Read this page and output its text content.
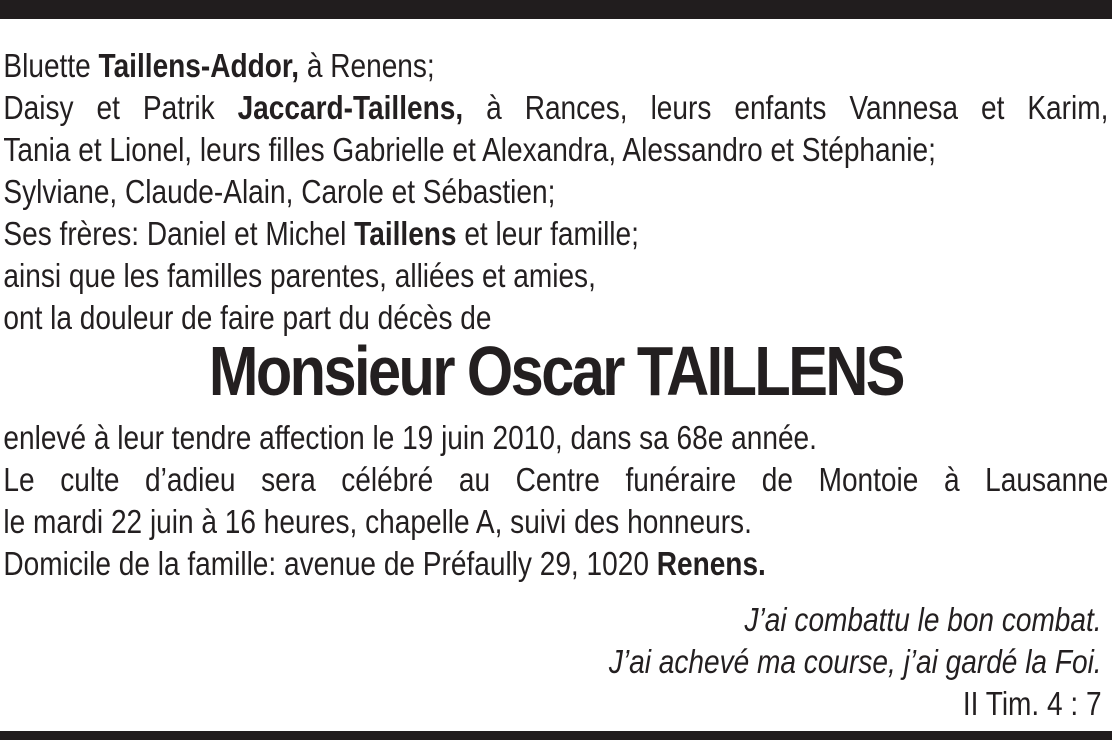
Bluette Taillens-Addor, à Renens;
Daisy et Patrik Jaccard-Taillens, à Rances, leurs enfants Vannesa et Karim,
Tania et Lionel, leurs filles Gabrielle et Alexandra, Alessandro et Stéphanie;
Sylviane, Claude-Alain, Carole et Sébastien;
Ses frères: Daniel et Michel Taillens et leur famille;
ainsi que les familles parentes, alliées et amies,
ont la douleur de faire part du décès de
Monsieur Oscar TAILLENS
enlevé à leur tendre affection le 19 juin 2010, dans sa 68e année.
Le culte d’adieu sera célébré au Centre funéraire de Montoie à Lausanne
le mardi 22 juin à 16 heures, chapelle A, suivi des honneurs.
Domicile de la famille: avenue de Préfaully 29, 1020 Renens.
J’ai combattu le bon combat.
J’ai achevé ma course, j’ai gardé la Foi.
II Tim. 4 : 7
